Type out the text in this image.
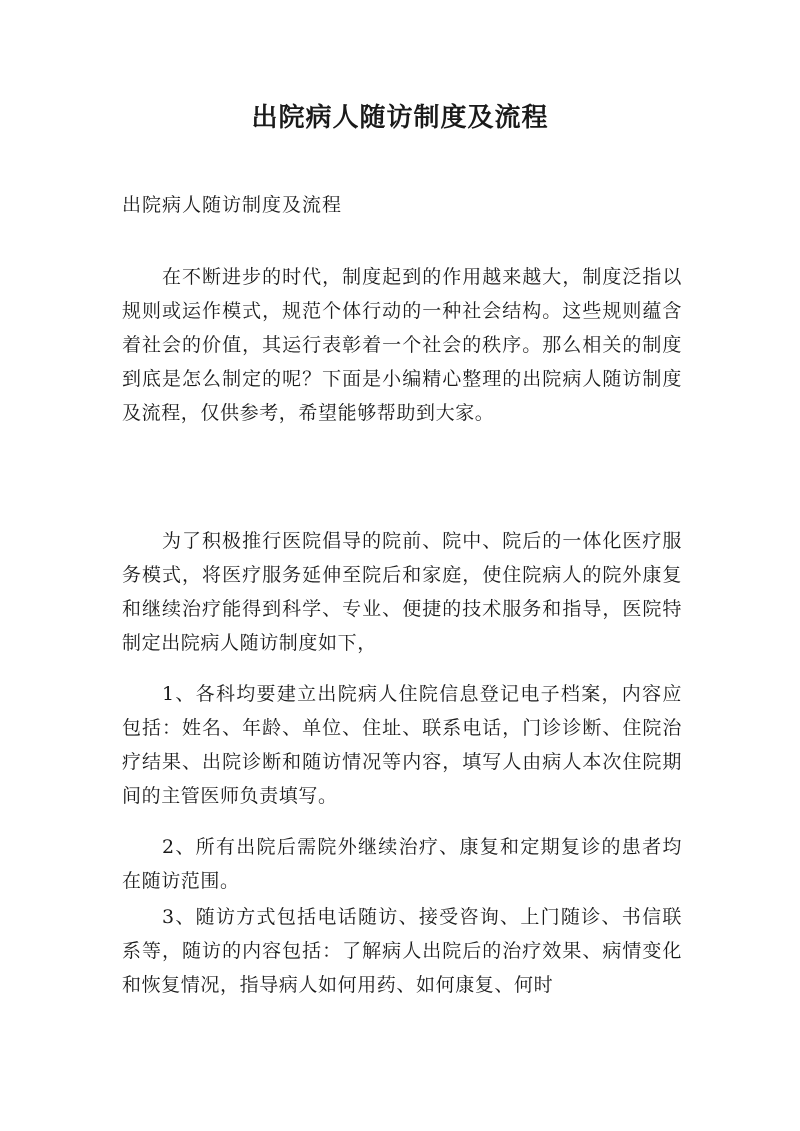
出院病人随访制度及流程

出院病人随访制度及流程

在不断进步的时代，制度起到的作用越来越大，制度泛指以规则或运作模式，规范个体行动的一种社会结构。这些规则蕴含着社会的价值，其运行表彰着一个社会的秩序。那么相关的制度到底是怎么制定的呢？下面是小编精心整理的出院病人随访制度及流程，仅供参考，希望能够帮助到大家。

为了积极推行医院倡导的院前、院中、院后的一体化医疗服务模式，将医疗服务延伸至院后和家庭，使住院病人的院外康复和继续治疗能得到科学、专业、便捷的技术服务和指导，医院特制定出院病人随访制度如下，

1、各科均要建立出院病人住院信息登记电子档案，内容应包括：姓名、年龄、单位、住址、联系电话，门诊诊断、住院治疗结果、出院诊断和随访情况等内容，填写人由病人本次住院期间的主管医师负责填写。

2、所有出院后需院外继续治疗、康复和定期复诊的患者均在随访范围。

3、随访方式包括电话随访、接受咨询、上门随诊、书信联系等，随访的内容包括：了解病人出院后的治疗效果、病情变化和恢复情况，指导病人如何用药、如何康复、何时
